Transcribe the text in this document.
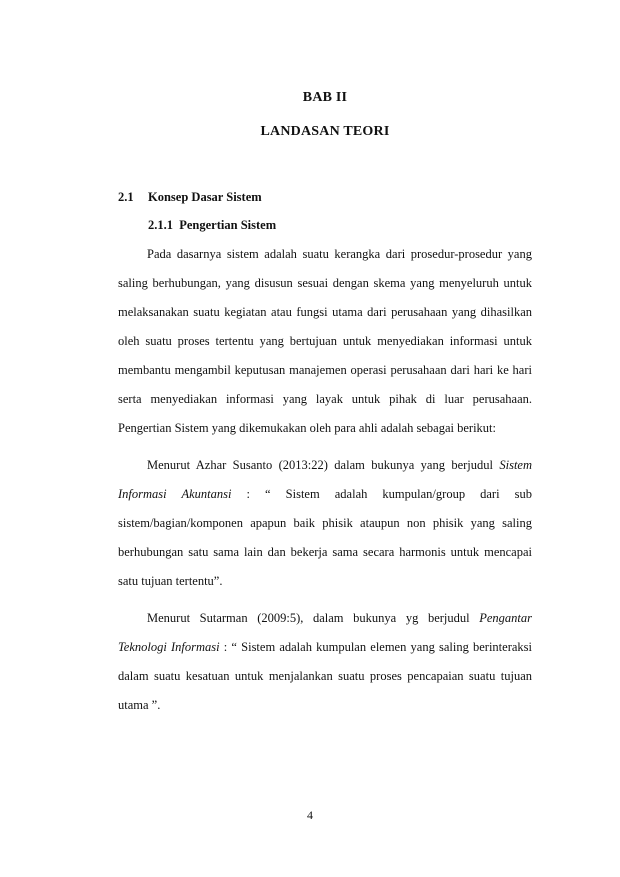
BAB II
LANDASAN TEORI
2.1 Konsep Dasar Sistem
2.1.1  Pengertian Sistem
Pada dasarnya sistem adalah suatu kerangka dari prosedur-prosedur yang
saling berhubungan, yang disusun sesuai dengan skema yang menyeluruh untuk
melaksanakan suatu kegiatan atau fungsi utama dari perusahaan yang dihasilkan
oleh suatu proses tertentu yang bertujuan untuk menyediakan informasi untuk
membantu mengambil keputusan manajemen operasi perusahaan dari hari ke hari
serta menyediakan informasi yang layak untuk pihak di luar perusahaan.
Pengertian Sistem yang dikemukakan oleh para ahli adalah sebagai berikut:
Menurut Azhar Susanto (2013:22) dalam bukunya yang berjudul Sistem
Informasi Akuntansi : “ Sistem adalah kumpulan/group dari sub
sistem/bagian/komponen apapun baik phisik ataupun non phisik yang saling
berhubungan satu sama lain dan bekerja sama secara harmonis untuk mencapai
satu tujuan tertentu”.
Menurut Sutarman (2009:5), dalam bukunya yg berjudul Pengantar
Teknologi Informasi : “ Sistem adalah kumpulan elemen yang saling berinteraksi
dalam suatu kesatuan untuk menjalankan suatu proses pencapaian suatu tujuan
utama ”.
4
